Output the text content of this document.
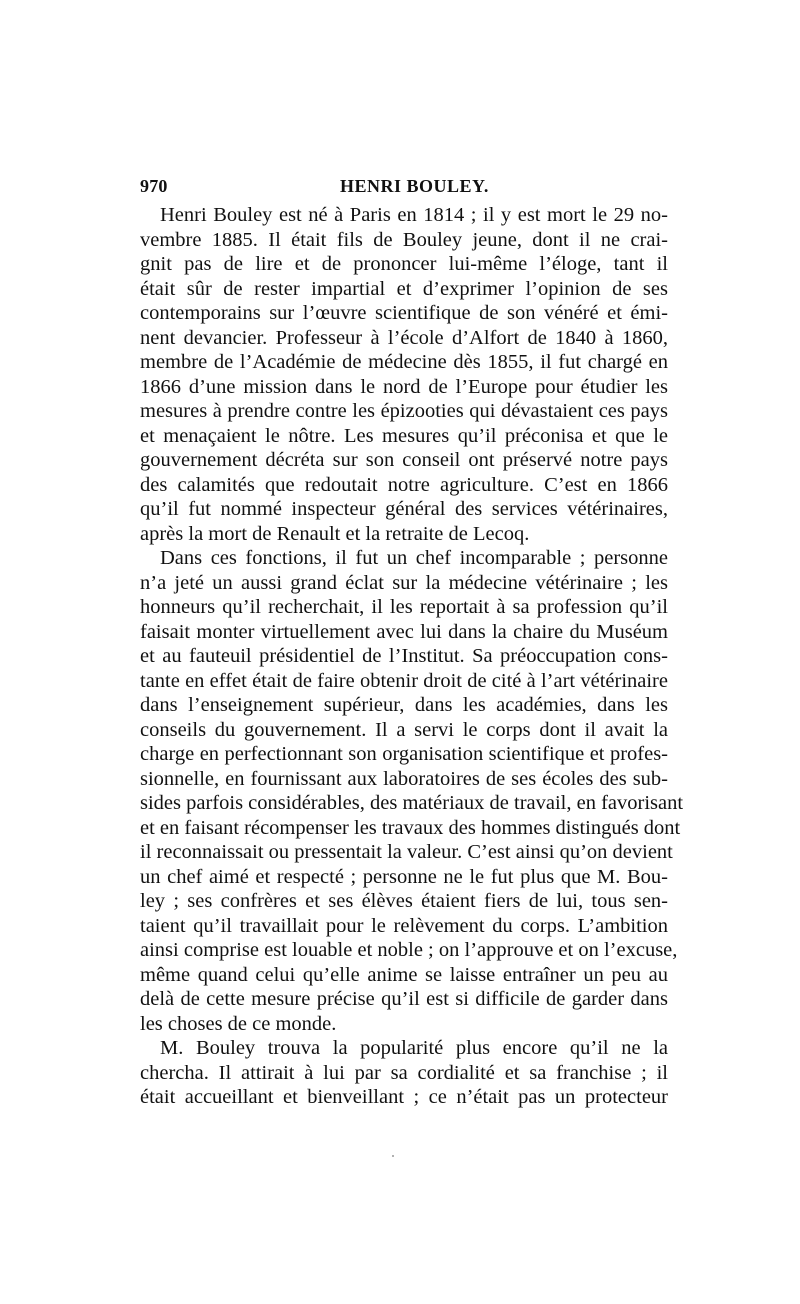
970	HENRI BOULEY.
Henri Bouley est né à Paris en 1814 ; il y est mort le 29 no-
vembre 1885. Il était fils de Bouley jeune, dont il ne crai-
gnit pas de lire et de prononcer lui-même l’éloge, tant il
était sûr de rester impartial et d’exprimer l’opinion de ses
contemporains sur l’œuvre scientifique de son vénéré et émi-
nent devancier. Professeur à l’école d’Alfort de 1840 à 1860,
membre de l’Académie de médecine dès 1855, il fut chargé en
1866 d’une mission dans le nord de l’Europe pour étudier les
mesures à prendre contre les épizooties qui dévastaient ces pays
et menaçaient le nôtre. Les mesures qu’il préconisa et que le
gouvernement décréta sur son conseil ont préservé notre pays
des calamités que redoutait notre agriculture. C’est en 1866
qu’il fut nommé inspecteur général des services vétérinaires,
après la mort de Renault et la retraite de Lecoq.
Dans ces fonctions, il fut un chef incomparable ; personne
n’a jeté un aussi grand éclat sur la médecine vétérinaire ; les
honneurs qu’il recherchait, il les reportait à sa profession qu’il
faisait monter virtuellement avec lui dans la chaire du Muséum
et au fauteuil présidentiel de l’Institut. Sa préoccupation cons-
tante en effet était de faire obtenir droit de cité à l’art vétérinaire
dans l’enseignement supérieur, dans les académies, dans les
conseils du gouvernement. Il a servi le corps dont il avait la
charge en perfectionnant son organisation scientifique et profes-
sionnelle, en fournissant aux laboratoires de ses écoles des sub-
sides parfois considérables, des matériaux de travail, en favorisant
et en faisant récompenser les travaux des hommes distingués dont
il reconnaissait ou pressentait la valeur. C’est ainsi qu’on devient
un chef aimé et respecté ; personne ne le fut plus que M. Bou-
ley ; ses confrères et ses élèves étaient fiers de lui, tous sen-
taient qu’il travaillait pour le relèvement du corps. L’ambition
ainsi comprise est louable et noble ; on l’approuve et on l’excuse,
même quand celui qu’elle anime se laisse entraîner un peu au
delà de cette mesure précise qu’il est si difficile de garder dans
les choses de ce monde.
M. Bouley trouva la popularité plus encore qu’il ne la
chercha. Il attirait à lui par sa cordialité et sa franchise ; il
était accueillant et bienveillant ; ce n’était pas un protecteur
